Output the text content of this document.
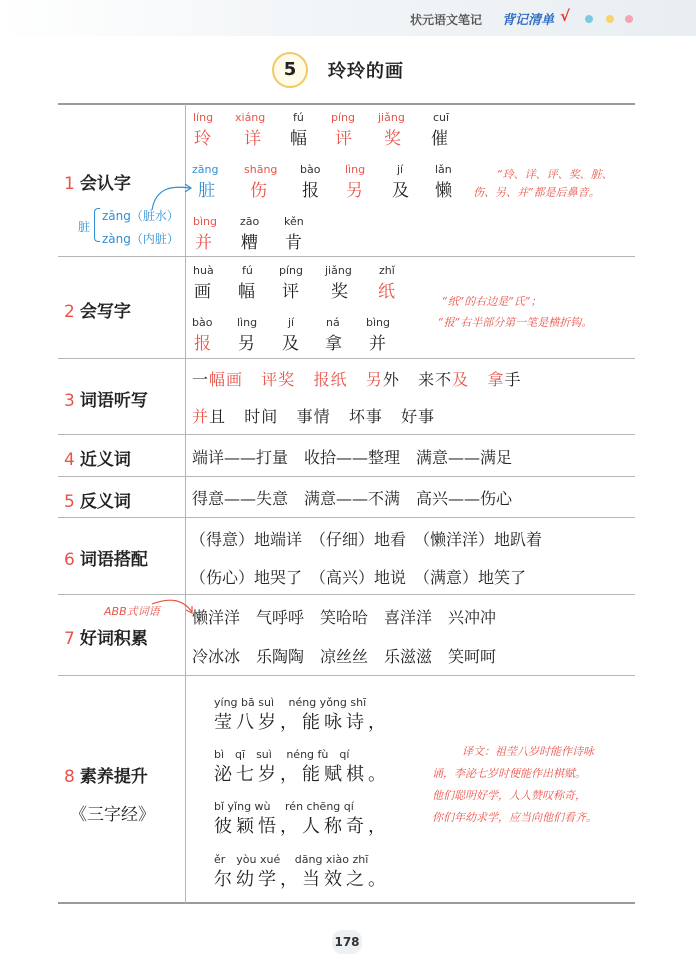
状元语文笔记 背记清单 √
5	玲玲的画
1 会认字
2 会写字
3 词语听写
4 近义词
5 反义词
6 词语搭配
7 好词积累
8 素养提升
《三字经》
líng
玲
xiáng
详
fú
幅
píng
评
jiǎng
奖
cuī
催
zāng
脏
shāng
伤
bào
报
lìng
另
jí
及
lǎn
懒
bìng
并
zāo
糟
kěn
肯
脏
zāng（脏水）
zàng（内脏）
“玲、详、评、奖、脏、
伤、另、并”都是后鼻音。
huà
画
fú
幅
píng
评
jiǎng
奖
zhǐ
纸
bào
报
lìng
另
jí
及
ná
拿
bìng
并
“纸”的右边是“氏”；
“报”右半部分第一笔是横折钩。
一幅画 评奖 报纸 另外 来不及 拿手
并且 时间 事情 坏事 好事
端详——打量　收拾——整理　满意——满足
得意——失意　满意——不满　高兴——伤心
（得意）地端详　（仔细）地看　（懒洋洋）地趴着
（伤心）地哭了　（高兴）地说　（满意）地笑了
ABB式词语 懒洋洋　气呼呼　笑哈哈　喜洋洋　兴冲冲
冷冰冰　乐陶陶　凉丝丝　乐滋滋　笑呵呵
yíng bā suì　 néng yǒng shī
莹八岁，能咏诗，
bì　qī　suì　 néng fù　qí
泌七岁，能赋棋。
bǐ yǐng wù　 rén chēng qí
彼颖悟，人称奇，
ěr　yòu xué　 dāng xiào zhī
尔幼学，当效之。
译文：祖莹八岁时能作诗咏
诵，李泌七岁时便能作出棋赋。
他们聪明好学，人人赞叹称奇，
你们年幼求学，应当向他们看齐。
178
